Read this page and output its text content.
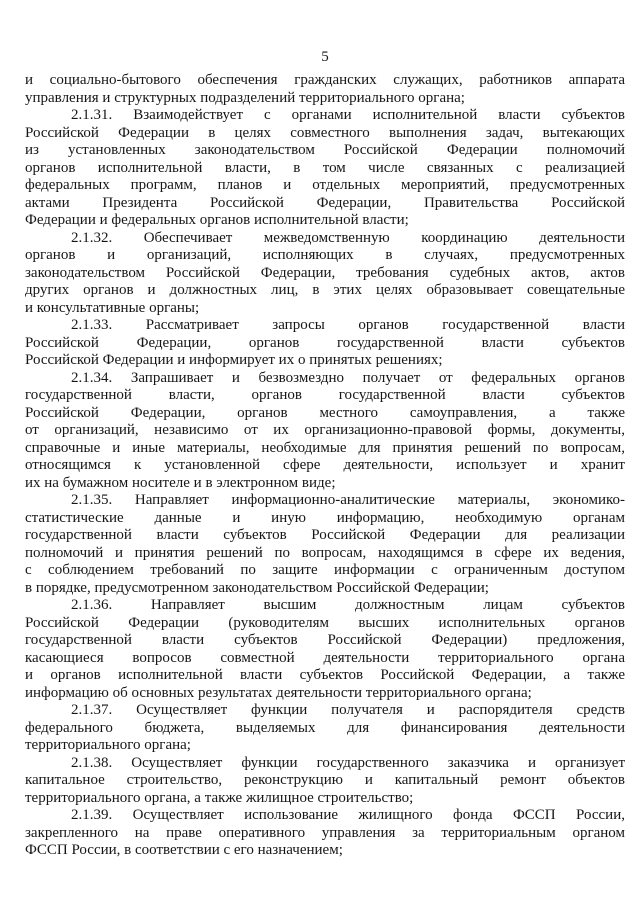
5

и социально-бытового обеспечения гражданских служащих, работников аппарата
управления и структурных подразделений территориального органа;

2.1.31. Взаимодействует с органами исполнительной власти субъектов
Российской Федерации в целях совместного выполнения задач, вытекающих
из установленных законодательством Российской Федерации полномочий
органов исполнительной власти, в том числе связанных с реализацией
федеральных программ, планов и отдельных мероприятий, предусмотренных
актами Президента Российской Федерации, Правительства Российской
Федерации и федеральных органов исполнительной власти;

2.1.32. Обеспечивает межведомственную координацию деятельности
органов и организаций, исполняющих в случаях, предусмотренных
законодательством Российской Федерации, требования судебных актов, актов
других органов и должностных лиц, в этих целях образовывает совещательные
и консультативные органы;

2.1.33. Рассматривает запросы органов государственной власти
Российской Федерации, органов государственной власти субъектов
Российской Федерации и информирует их о принятых решениях;

2.1.34. Запрашивает и безвозмездно получает от федеральных органов
государственной власти, органов государственной власти субъектов
Российской Федерации, органов местного самоуправления, а также
от организаций, независимо от их организационно-правовой формы, документы,
справочные и иные материалы, необходимые для принятия решений по вопросам,
относящимся к установленной сфере деятельности, использует и хранит
их на бумажном носителе и в электронном виде;

2.1.35. Направляет информационно-аналитические материалы, экономико-
статистические данные и иную информацию, необходимую органам
государственной власти субъектов Российской Федерации для реализации
полномочий и принятия решений по вопросам, находящимся в сфере их ведения,
с соблюдением требований по защите информации с ограниченным доступом
в порядке, предусмотренном законодательством Российской Федерации;

2.1.36. Направляет высшим должностным лицам субъектов
Российской Федерации (руководителям высших исполнительных органов
государственной власти субъектов Российской Федерации) предложения,
касающиеся вопросов совместной деятельности территориального органа
и органов исполнительной власти субъектов Российской Федерации, а также
информацию об основных результатах деятельности территориального органа;

2.1.37. Осуществляет функции получателя и распорядителя средств
федерального бюджета, выделяемых для финансирования деятельности
территориального органа;

2.1.38. Осуществляет функции государственного заказчика и организует
капитальное строительство, реконструкцию и капитальный ремонт объектов
территориального органа, а также жилищное строительство;

2.1.39. Осуществляет использование жилищного фонда ФССП России,
закрепленного на праве оперативного управления за территориальным органом
ФССП России, в соответствии с его назначением;
